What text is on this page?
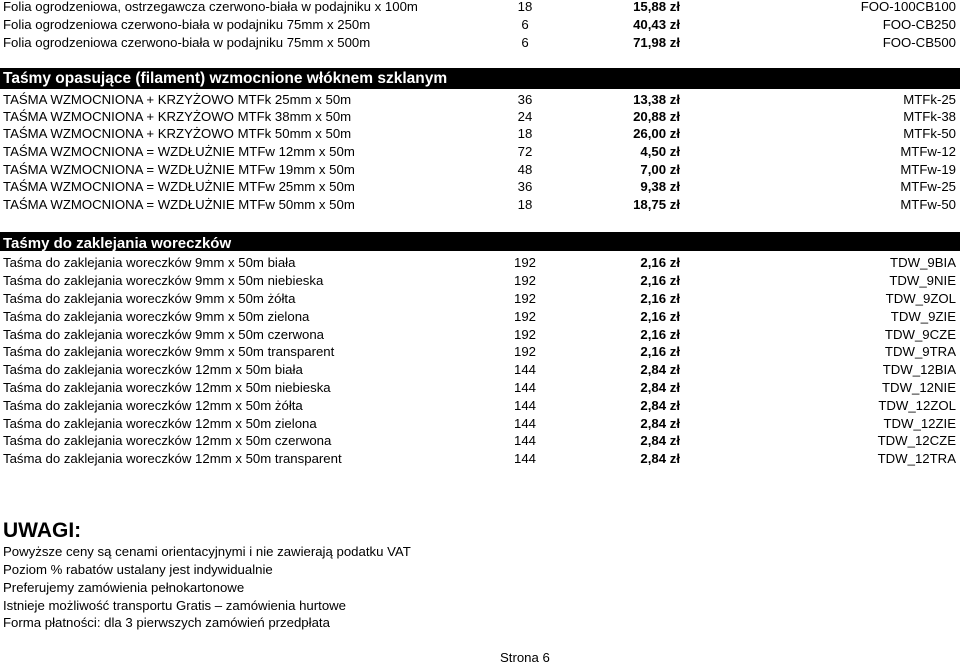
Folia ogrodzeniowa, ostrzegawcza czerwono-biała w podajniku x 100m	18	15,88 zł	FOO-100CB100
Folia ogrodzeniowa czerwono-biała w podajniku 75mm x 250m	6	40,43 zł	FOO-CB250
Folia ogrodzeniowa czerwono-biała w podajniku 75mm x 500m	6	71,98 zł	FOO-CB500
Taśmy opasujące (filament) wzmocnione włóknem szklanym
TAŚMA WZMOCNIONA + KRZYŻOWO MTFk 25mm x 50m	36	13,38 zł	MTFk-25
TAŚMA WZMOCNIONA + KRZYŻOWO MTFk 38mm x 50m	24	20,88 zł	MTFk-38
TAŚMA WZMOCNIONA + KRZYŻOWO MTFk 50mm x 50m	18	26,00 zł	MTFk-50
TAŚMA WZMOCNIONA = WZDŁUŻNIE MTFw 12mm x 50m	72	4,50 zł	MTFw-12
TAŚMA WZMOCNIONA = WZDŁUŻNIE MTFw 19mm x 50m	48	7,00 zł	MTFw-19
TAŚMA WZMOCNIONA = WZDŁUŻNIE MTFw 25mm x 50m	36	9,38 zł	MTFw-25
TAŚMA WZMOCNIONA = WZDŁUŻNIE MTFw 50mm x 50m	18	18,75 zł	MTFw-50
Taśmy do zaklejania woreczków
Taśma do zaklejania woreczków 9mm x 50m biała	192	2,16 zł	TDW_9BIA
Taśma do zaklejania woreczków 9mm x 50m niebieska	192	2,16 zł	TDW_9NIE
Taśma do zaklejania woreczków 9mm x 50m żółta	192	2,16 zł	TDW_9ZOL
Taśma do zaklejania woreczków 9mm x 50m zielona	192	2,16 zł	TDW_9ZIE
Taśma do zaklejania woreczków 9mm x 50m czerwona	192	2,16 zł	TDW_9CZE
Taśma do zaklejania woreczków 9mm x 50m transparent	192	2,16 zł	TDW_9TRA
Taśma do zaklejania woreczków 12mm x 50m biała	144	2,84 zł	TDW_12BIA
Taśma do zaklejania woreczków 12mm x 50m niebieska	144	2,84 zł	TDW_12NIE
Taśma do zaklejania woreczków 12mm x 50m żółta	144	2,84 zł	TDW_12ZOL
Taśma do zaklejania woreczków 12mm x 50m zielona	144	2,84 zł	TDW_12ZIE
Taśma do zaklejania woreczków 12mm x 50m czerwona	144	2,84 zł	TDW_12CZE
Taśma do zaklejania woreczków 12mm x 50m transparent	144	2,84 zł	TDW_12TRA
UWAGI:
Powyższe ceny są cenami orientacyjnymi i nie zawierają podatku VAT
Poziom % rabatów ustalany jest indywidualnie
Preferujemy zamówienia pełnokartonowe
Istnieje możliwość transportu Gratis – zamówienia hurtowe
Forma płatności: dla 3 pierwszych zamówień przedpłata
Strona 6
